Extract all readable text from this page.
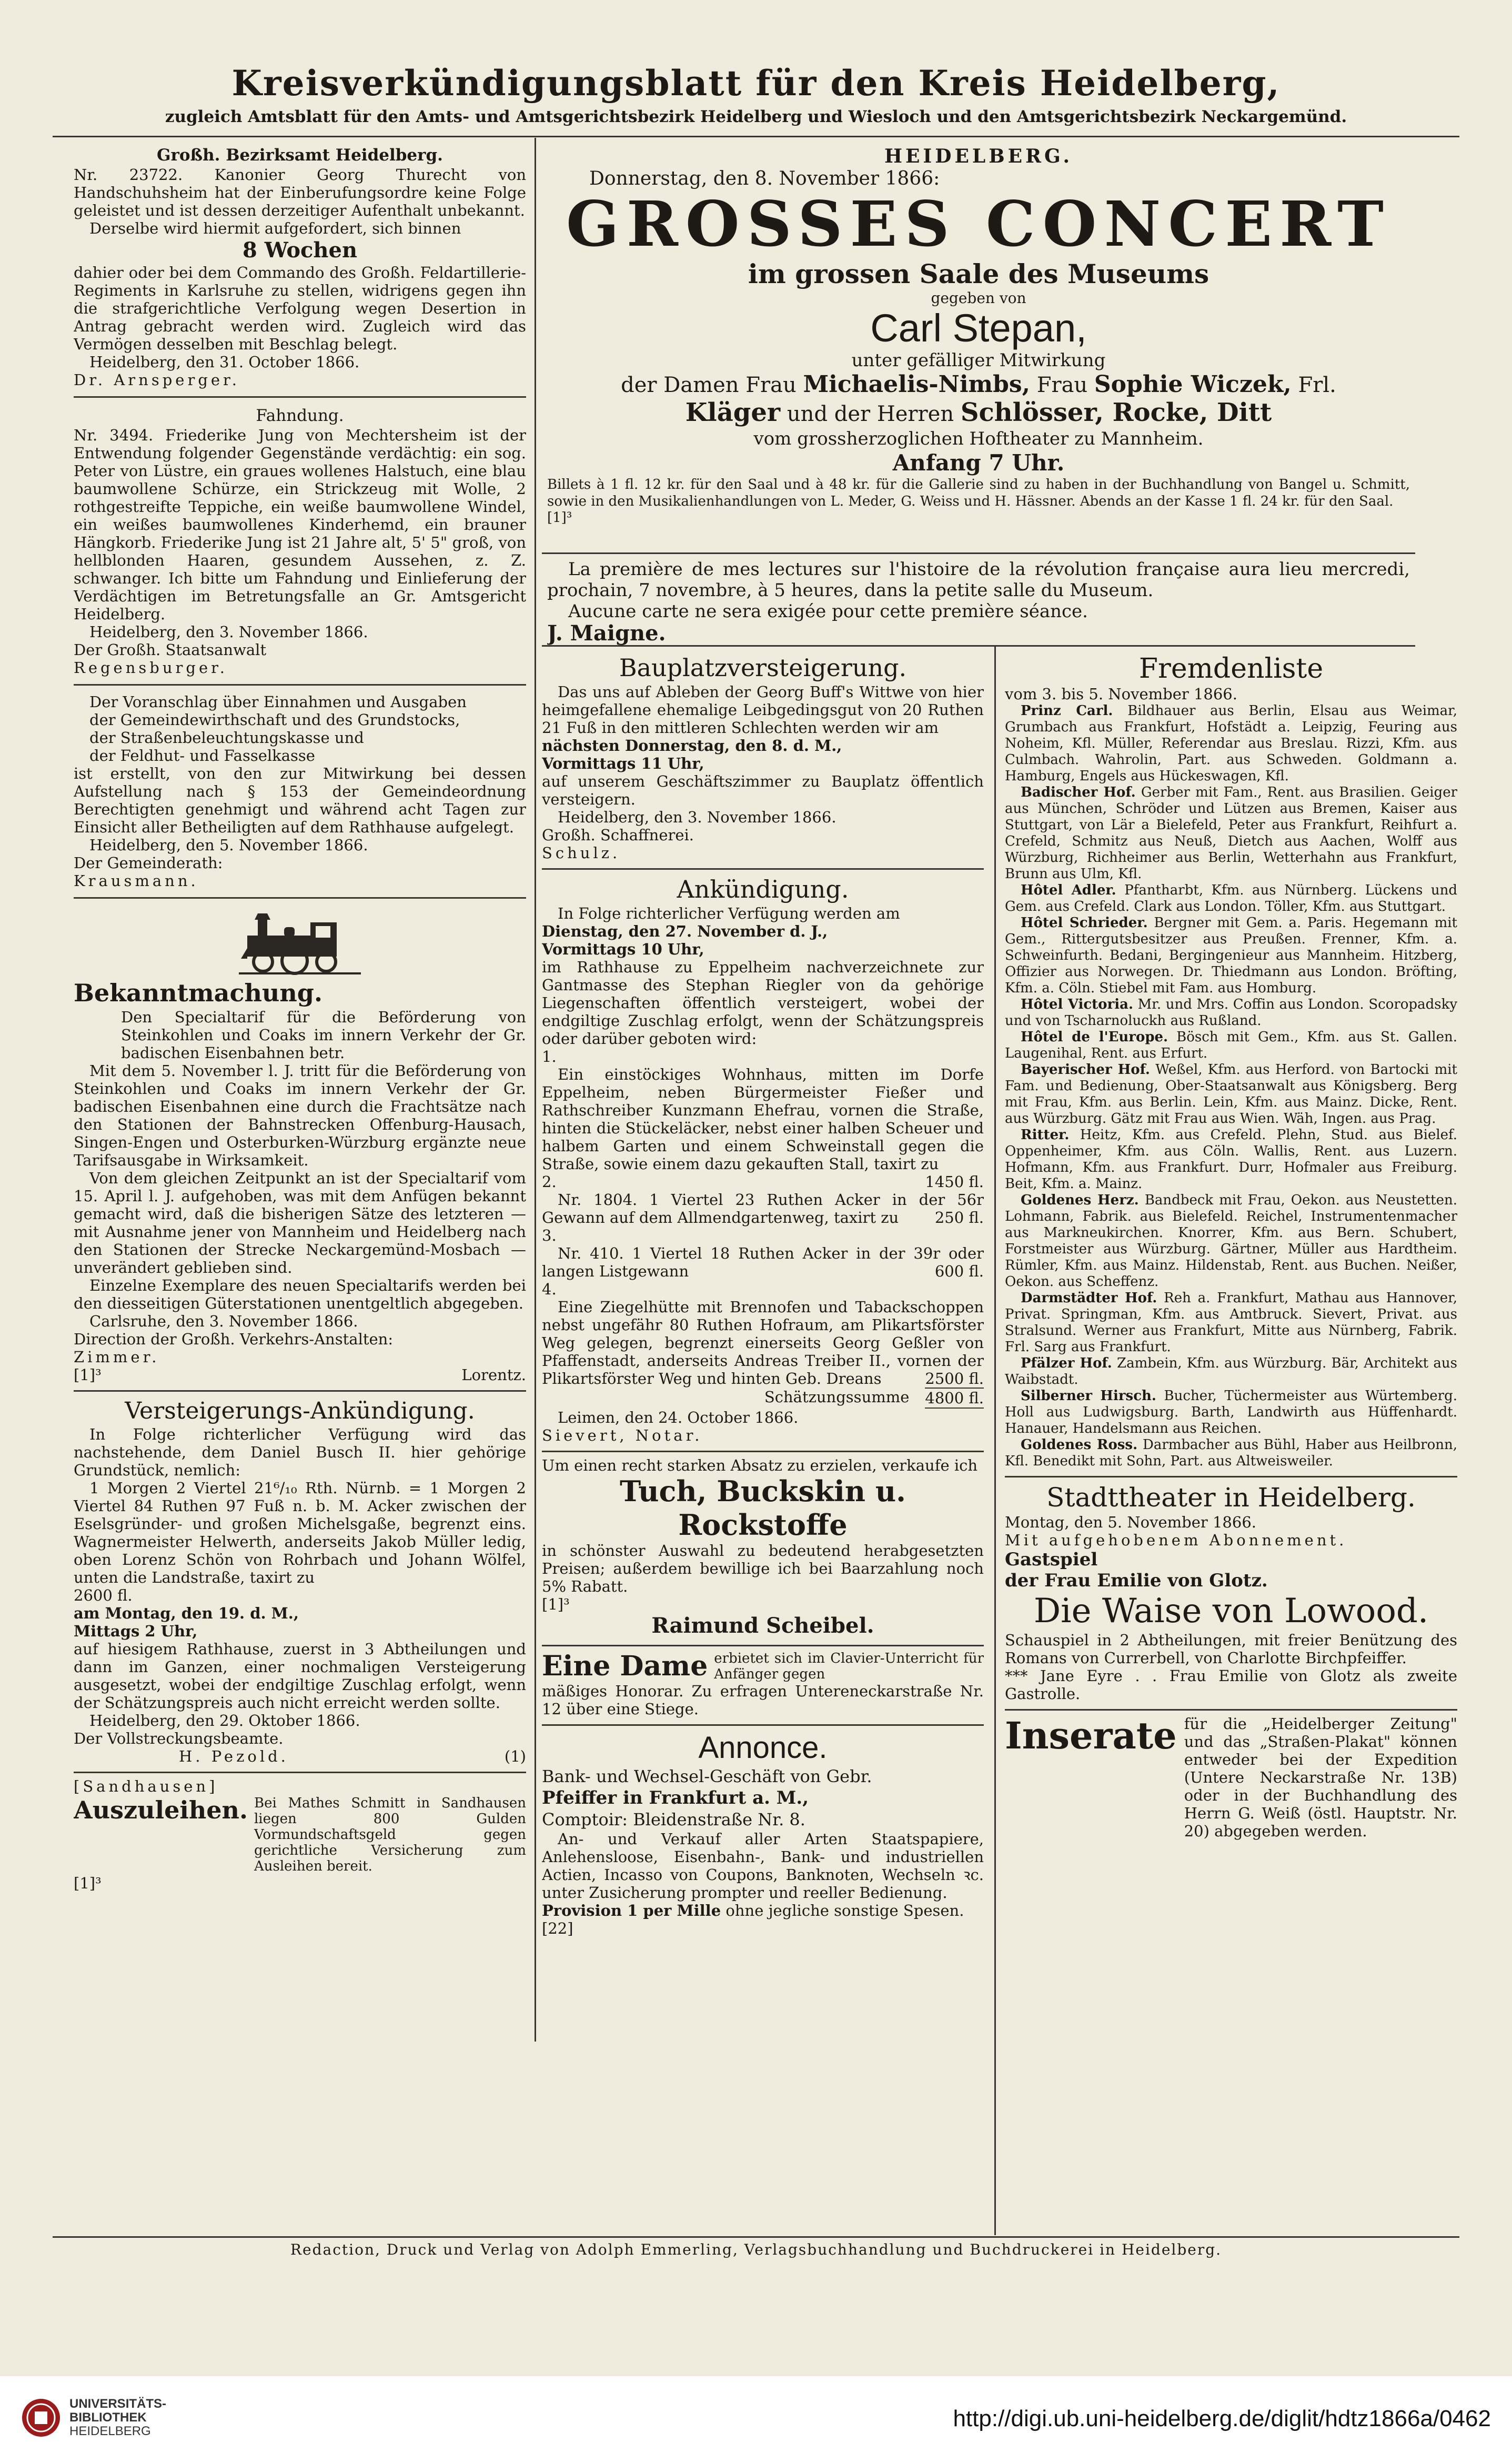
Kreisverkündigungsblatt für den Kreis Heidelberg,
zugleich Amtsblatt für den Amts- und Amtsgerichtsbezirk Heidelberg und Wiesloch und den Amtsgerichtsbezirk Neckargemünd.
Großh. Bezirksamt Heidelberg.

Nr. 23722. Kanonier Georg Thurecht von Handschuhsheim hat der Einberufungsordre keine Folge geleistet und ist dessen derzeitiger Aufenthalt unbekannt.

Derselbe wird hiermit aufgefordert, sich binnen

8 Wochen

dahier oder bei dem Commando des Großh. Feldartillerie-Regiments in Karlsruhe zu stellen, widrigens gegen ihn die strafgerichtliche Verfolgung wegen Desertion in Antrag gebracht werden wird. Zugleich wird das Vermögen desselben mit Beschlag belegt.

Heidelberg, den 31. October 1866.

Dr. Arnsperger.

Fahndung.

Nr. 3494. Friederike Jung von Mechtersheim ist der Entwendung folgender Gegenstände verdächtig: ein sog. Peter von Lüstre, ein graues wollenes Halstuch, eine blau baumwollene Schürze, ein Strickzeug mit Wolle, 2 rothgestreifte Teppiche, ein weiße baumwollene Windel, ein weißes baumwollenes Kinderhemd, ein brauner Hängkorb. Friederike Jung ist 21 Jahre alt, 5' 5" groß, von hellblonden Haaren, gesundem Aussehen, z. Z. schwanger. Ich bitte um Fahndung und Einlieferung der Verdächtigen im Betretungsfalle an Gr. Amtsgericht Heidelberg.

Heidelberg, den 3. November 1866.

Der Großh. Staatsanwalt

Regensburger.

Der Voranschlag über Einnahmen und Ausgaben

der Gemeindewirthschaft und des Grundstocks,

der Straßenbeleuchtungskasse und

der Feldhut- und Fasselkasse

ist erstellt, von den zur Mitwirkung bei dessen Aufstellung nach § 153 der Gemeindeordnung Berechtigten genehmigt und während acht Tagen zur Einsicht aller Betheiligten auf dem Rathhause aufgelegt.

Heidelberg, den 5. November 1866.

Der Gemeinderath:

Krausmann.

Bekanntmachung.

Den Specialtarif für die Beförderung von Steinkohlen und Coaks im innern Verkehr der Gr. badischen Eisenbahnen betr.

Mit dem 5. November l. J. tritt für die Beförderung von Steinkohlen und Coaks im innern Verkehr der Gr. badischen Eisenbahnen eine durch die Frachtsätze nach den Stationen der Bahnstrecken Offenburg-Hausach, Singen-Engen und Osterburken-Würzburg ergänzte neue Tarifsausgabe in Wirksamkeit.

Von dem gleichen Zeitpunkt an ist der Specialtarif vom 15. April l. J. aufgehoben, was mit dem Anfügen bekannt gemacht wird, daß die bisherigen Sätze des letzteren — mit Ausnahme jener von Mannheim und Heidelberg nach den Stationen der Strecke Neckargemünd-Mosbach — unverändert geblieben sind.

Einzelne Exemplare des neuen Specialtarifs werden bei den diesseitigen Güterstationen unentgeltlich abgegeben.

Carlsruhe, den 3. November 1866.

Direction der Großh. Verkehrs-Anstalten:

Zimmer.

[1]³	Lorentz.
Versteigerungs-Ankündigung.

In Folge richterlicher Verfügung wird das nachstehende, dem Daniel Busch II. hier gehörige Grundstück, nemlich:

1 Morgen 2 Viertel 21⁶/₁₀ Rth. Nürnb. = 1 Morgen 2 Viertel 84 Ruthen 97 Fuß n. b. M. Acker zwischen der Eselsgründer- und großen Michelsgaße, begrenzt eins. Wagnermeister Helwerth, anderseits Jakob Müller ledig, oben Lorenz Schön von Rohrbach und Johann Wölfel, unten die Landstraße, taxirt zu

2600 fl.

am Montag, den 19. d. M.,

Mittags 2 Uhr,

auf hiesigem Rathhause, zuerst in 3 Abtheilungen und dann im Ganzen, einer nochmaligen Versteigerung ausgesetzt, wobei der endgiltige Zuschlag erfolgt, wenn der Schätzungspreis auch nicht erreicht werden sollte.

Heidelberg, den 29. Oktober 1866.

Der Vollstreckungsbeamte.

H. Pezold.	(1)

[Sandhausen]

Auszuleihen. Bei Mathes Schmitt in Sandhausen liegen 800 Gulden Vormundschaftsgeld gegen gerichtliche Versicherung zum Ausleihen bereit.

[1]³

HEIDELBERG.
Donnerstag, den 8. November 1866:
GROSSES CONCERT
im grossen Saale des Museums
gegeben von
Carl Stepan,
unter gefälliger Mitwirkung
der Damen Frau Michaelis-Nimbs, Frau Sophie Wiczek, Frl.
Kläger und der Herren Schlösser, Rocke, Ditt
vom grossherzoglichen Hoftheater zu Mannheim.
Anfang 7 Uhr.

Billets à 1 fl. 12 kr. für den Saal und à 48 kr. für die Gallerie sind zu haben in der Buchhandlung von Bangel u. Schmitt, sowie in den Musikalienhandlungen von L. Meder, G. Weiss und H. Hässner. Abends an der Kasse 1 fl. 24 kr. für den Saal.

[1]³

La première de mes lectures sur l'histoire de la révolution française aura lieu mercredi, prochain, 7 novembre, à 5 heures, dans la petite salle du Museum.

Aucune carte ne sera exigée pour cette première séance.

J. Maigne.

Bauplatzversteigerung.

Das uns auf Ableben der Georg Buff's Wittwe von hier heimgefallene ehemalige Leibgedingsgut von 20 Ruthen 21 Fuß in den mittleren Schlechten werden wir am

nächsten Donnerstag, den 8. d. M.,

Vormittags 11 Uhr,

auf unserem Geschäftszimmer zu Bauplatz öffentlich versteigern.

Heidelberg, den 3. November 1866.

Großh. Schaffnerei.

Schulz.

Ankündigung.

In Folge richterlicher Verfügung werden am

Dienstag, den 27. November d. J.,

Vormittags 10 Uhr,

im Rathhause zu Eppelheim nachverzeichnete zur Gantmasse des Stephan Riegler von da gehörige Liegenschaften öffentlich versteigert, wobei der endgiltige Zuschlag erfolgt, wenn der Schätzungspreis oder darüber geboten wird:

1.

Ein einstöckiges Wohnhaus, mitten im Dorfe Eppelheim, neben Bürgermeister Fießer und Rathschreiber Kunzmann Ehefrau, vornen die Straße, hinten die Stückeläcker, nebst einer halben Scheuer und halbem Garten und einem Schweinstall gegen die Straße, sowie einem dazu gekauften Stall, taxirt zu
1450 fl.

2.

Nr. 1804. 1 Viertel 23 Ruthen Acker in der 56r Gewann auf dem Allmendgartenweg, taxirt zu	250 fl.

3.

Nr. 410. 1 Viertel 18 Ruthen Acker in der 39r oder langen Listgewann	600 fl.

4.

Eine Ziegelhütte mit Brennofen und Tabackschoppen nebst ungefähr 80 Ruthen Hofraum, am Plikartsförster Weg gelegen, begrenzt einerseits Georg Geßler von Pfaffenstadt, anderseits Andreas Treiber II., vornen der Plikartsförster Weg und hinten Geb. Dreans	2500 fl.

Schätzungssumme 4800 fl.

Leimen, den 24. October 1866.

Sievert, Notar.

Um einen recht starken Absatz zu erzielen, verkaufe ich

Tuch, Buckskin u. Rockstoffe

in schönster Auswahl zu bedeutend herabgesetzten Preisen; außerdem bewillige ich bei Baarzahlung noch 5% Rabatt.

[1]³

Raimund Scheibel.
Eine Dame erbietet sich im Clavier-Unterricht für Anfänger gegen

mäßiges Honorar. Zu erfragen Untereneckarstraße Nr. 12 über eine Stiege.

Annonce.

Bank- und Wechsel-Geschäft von Gebr.

Pfeiffer in Frankfurt a. M.,

Comptoir: Bleidenstraße Nr. 8.

An- und Verkauf aller Arten Staatspapiere, Anlehensloose, Eisenbahn-, Bank- und industriellen Actien, Incasso von Coupons, Banknoten, Wechseln ꝛc. unter Zusicherung prompter und reeller Bedienung.

Provision 1 per Mille ohne jegliche sonstige Spesen.

[22]

Fremdenliste

vom 3. bis 5. November 1866.

Prinz Carl. Bildhauer aus Berlin, Elsau aus Weimar, Grumbach aus Frankfurt, Hofstädt a. Leipzig, Feuring aus Noheim, Kfl. Müller, Referendar aus Breslau. Rizzi, Kfm. aus Culmbach. Wahrolin, Part. aus Schweden. Goldmann a. Hamburg, Engels aus Hückeswagen, Kfl.

Badischer Hof. Gerber mit Fam., Rent. aus Brasilien. Geiger aus München, Schröder und Lützen aus Bremen, Kaiser aus Stuttgart, von Lär a Bielefeld, Peter aus Frankfurt, Reihfurt a. Crefeld, Schmitz aus Neuß, Dietch aus Aachen, Wolff aus Würzburg, Richheimer aus Berlin, Wetterhahn aus Frankfurt, Brunn aus Ulm, Kfl.

Hôtel Adler. Pfantharbt, Kfm. aus Nürnberg. Lückens und Gem. aus Crefeld. Clark aus London. Töller, Kfm. aus Stuttgart.

Hôtel Schrieder. Bergner mit Gem. a. Paris. Hegemann mit Gem., Rittergutsbesitzer aus Preußen. Frenner, Kfm. a. Schweinfurth. Bedani, Bergingenieur aus Mannheim. Hitzberg, Offizier aus Norwegen. Dr. Thiedmann aus London. Bröfting, Kfm. a. Cöln. Stiebel mit Fam. aus Homburg.

Hôtel Victoria. Mr. und Mrs. Coffin aus London. Scoropadsky und von Tscharnoluckh aus Rußland.

Hôtel de l'Europe. Bösch mit Gem., Kfm. aus St. Gallen. Laugenihal, Rent. aus Erfurt.

Bayerischer Hof. Weßel, Kfm. aus Herford. von Bartocki mit Fam. und Bedienung, Ober-Staatsanwalt aus Königsberg. Berg mit Frau, Kfm. aus Berlin. Lein, Kfm. aus Mainz. Dicke, Rent. aus Würzburg. Gätz mit Frau aus Wien. Wäh, Ingen. aus Prag.

Ritter. Heitz, Kfm. aus Crefeld. Plehn, Stud. aus Bielef. Oppenheimer, Kfm. aus Cöln. Wallis, Rent. aus Luzern. Hofmann, Kfm. aus Frankfurt. Durr, Hofmaler aus Freiburg. Beit, Kfm. a. Mainz.

Goldenes Herz. Bandbeck mit Frau, Oekon. aus Neustetten. Lohmann, Fabrik. aus Bielefeld. Reichel, Instrumentenmacher aus Markneukirchen. Knorrer, Kfm. aus Bern. Schubert, Forstmeister aus Würzburg. Gärtner, Müller aus Hardtheim. Rümler, Kfm. aus Mainz. Hildenstab, Rent. aus Buchen. Neißer, Oekon. aus Scheffenz.

Darmstädter Hof. Reh a. Frankfurt, Mathau aus Hannover, Privat. Springman, Kfm. aus Amtbruck. Sievert, Privat. aus Stralsund. Werner aus Frankfurt, Mitte aus Nürnberg, Fabrik. Frl. Sarg aus Frankfurt.

Pfälzer Hof. Zambein, Kfm. aus Würzburg. Bär, Architekt aus Waibstadt.

Silberner Hirsch. Bucher, Tüchermeister aus Würtemberg. Holl aus Ludwigsburg. Barth, Landwirth aus Hüffenhardt. Hanauer, Handelsmann aus Reichen.

Goldenes Ross. Darmbacher aus Bühl, Haber aus Heilbronn, Kfl. Benedikt mit Sohn, Part. aus Altweisweiler.

Stadttheater in Heidelberg.

Montag, den 5. November 1866.

Mit aufgehobenem Abonnement.

Gastspiel

der Frau Emilie von Glotz.

Die Waise von Lowood.

Schauspiel in 2 Abtheilungen, mit freier Benützung des Romans von Currerbell, von Charlotte Birchpfeiffer.

*** Jane Eyre . . Frau Emilie von Glotz als zweite Gastrolle.

Inserate für die „Heidelberger Zeitung" und das „Straßen-Plakat" können entweder bei der Expedition (Untere Neckarstraße Nr. 13B) oder in der Buchhandlung des Herrn G. Weiß (östl. Hauptstr. Nr. 20) abgegeben werden.

Redaction, Druck und Verlag von Adolph Emmerling, Verlagsbuchhandlung und Buchdruckerei in Heidelberg.
UNIVERSITÄTS-
BIBLIOTHEK
HEIDELBERG	http://digi.ub.uni-heidelberg.de/diglit/hdtz1866a/0462
